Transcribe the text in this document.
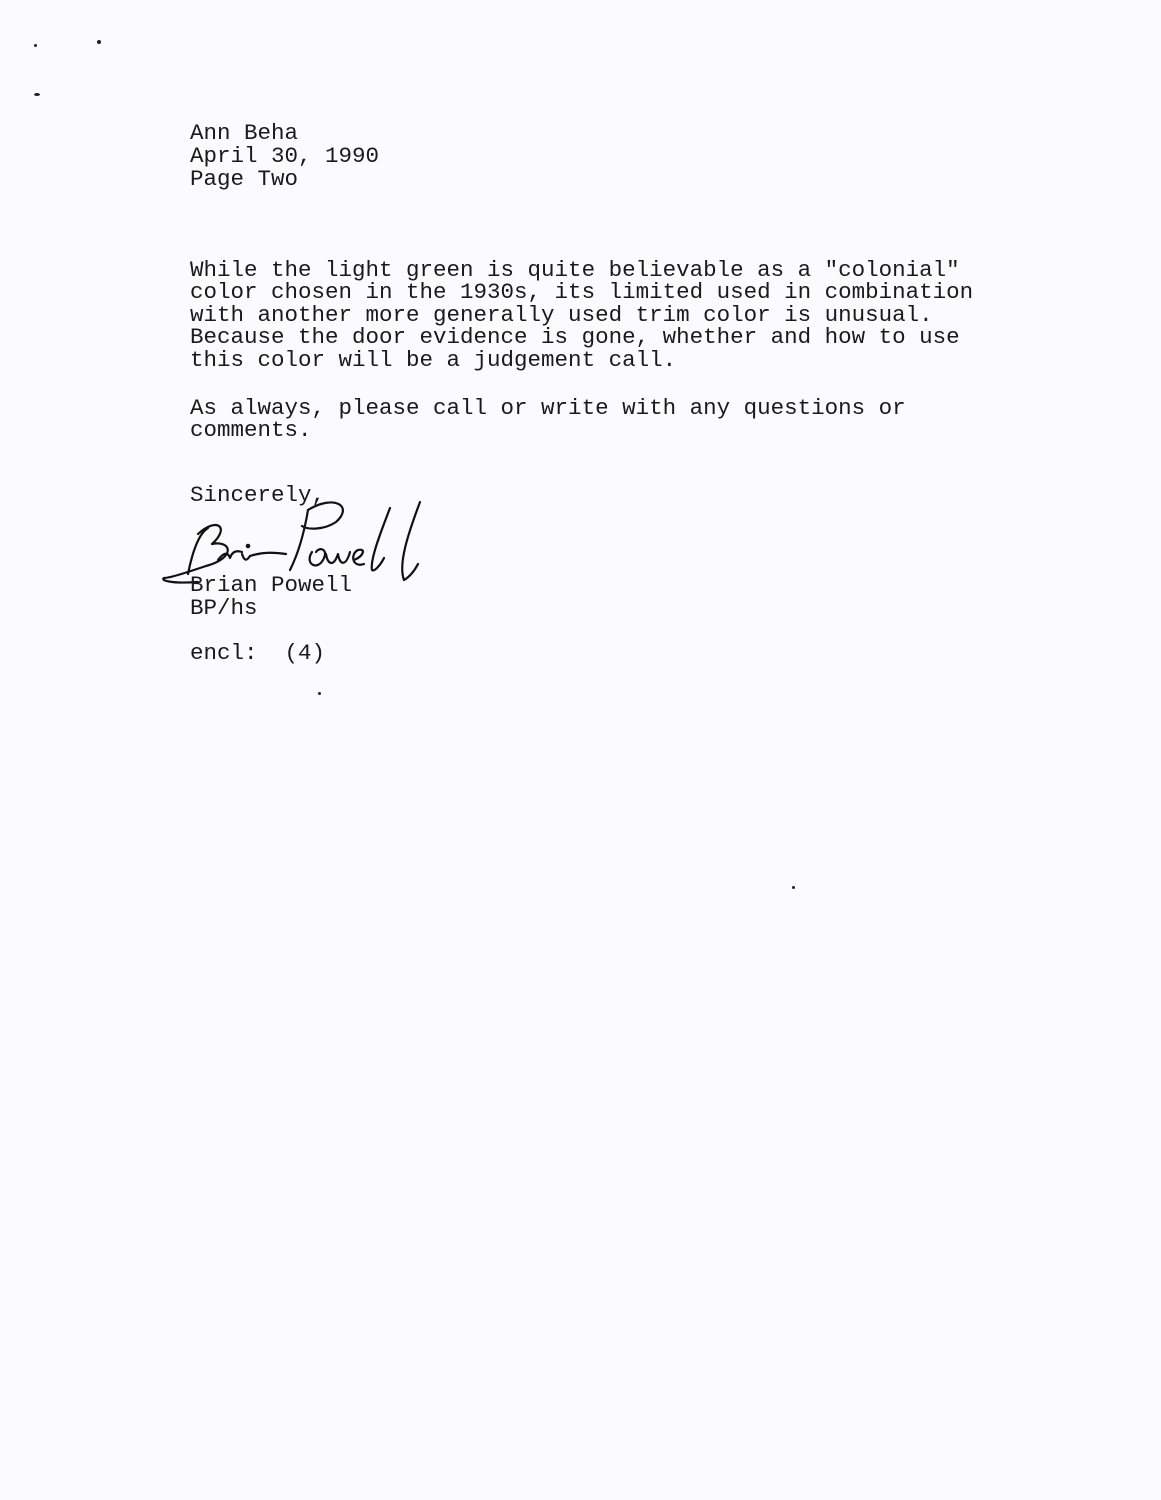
Ann Beha
April 30, 1990
Page Two
While the light green is quite believable as a "colonial"
color chosen in the 1930s, its limited used in combination
with another more generally used trim color is unusual.
Because the door evidence is gone, whether and how to use
this color will be a judgement call.
As always, please call or write with any questions or
comments.
Sincerely,
Brian Powell
BP/hs
encl:  (4)
